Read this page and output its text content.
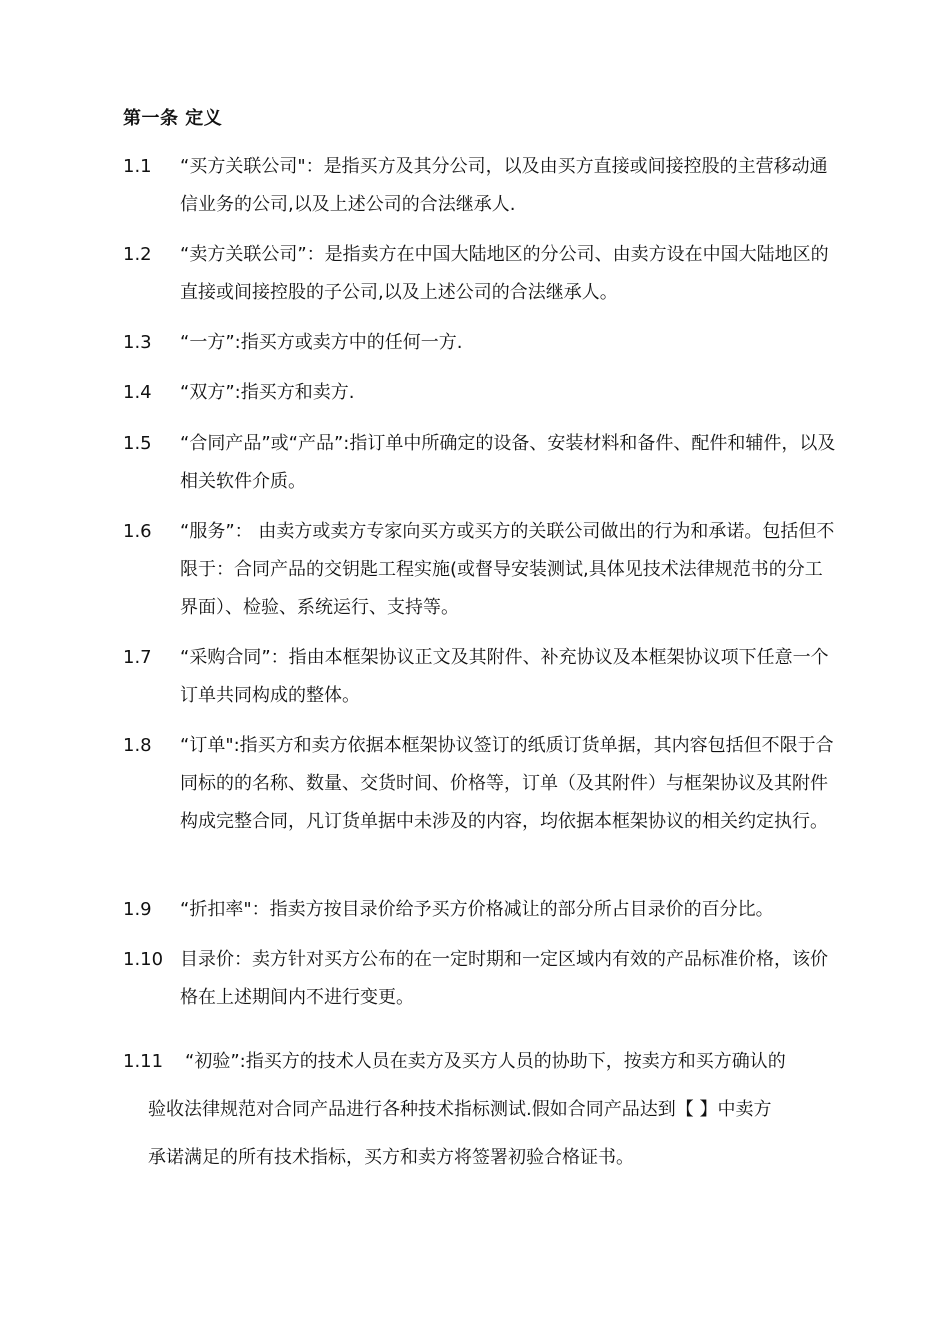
第一条 定义
1.1 “买方关联公司"：是指买方及其分公司，以及由买方直接或间接控股的主营移动通信业务的公司,以及上述公司的合法继承人.
1.2 “卖方关联公司”：是指卖方在中国大陆地区的分公司、由卖方设在中国大陆地区的直接或间接控股的子公司,以及上述公司的合法继承人。
1.3 “一方”:指买方或卖方中的任何一方.
1.4 “双方”:指买方和卖方.
1.5 “合同产品”或“产品”:指订单中所确定的设备、安装材料和备件、配件和辅件，以及相关软件介质。
1.6 “服务”： 由卖方或卖方专家向买方或买方的关联公司做出的行为和承诺。包括但不限于：合同产品的交钥匙工程实施(或督导安装测试,具体见技术法律规范书的分工界面）、检验、系统运行、支持等。
1.7 “采购合同”：指由本框架协议正文及其附件、补充协议及本框架协议项下任意一个订单共同构成的整体。
1.8 “订单":指买方和卖方依据本框架协议签订的纸质订货单据，其内容包括但不限于合同标的的名称、数量、交货时间、价格等，订单（及其附件）与框架协议及其附件构成完整合同，凡订货单据中未涉及的内容，均依据本框架协议的相关约定执行。
1.9 “折扣率"：指卖方按目录价给予买方价格减让的部分所占目录价的百分比。
1.10 目录价：卖方针对买方公布的在一定时期和一定区域内有效的产品标准价格，该价格在上述期间内不进行变更。
1.11 “初验”:指买方的技术人员在卖方及买方人员的协助下，按卖方和买方确认的
验收法律规范对合同产品进行各种技术指标测试.假如合同产品达到【 】中卖方
承诺满足的所有技术指标，买方和卖方将签署初验合格证书。
